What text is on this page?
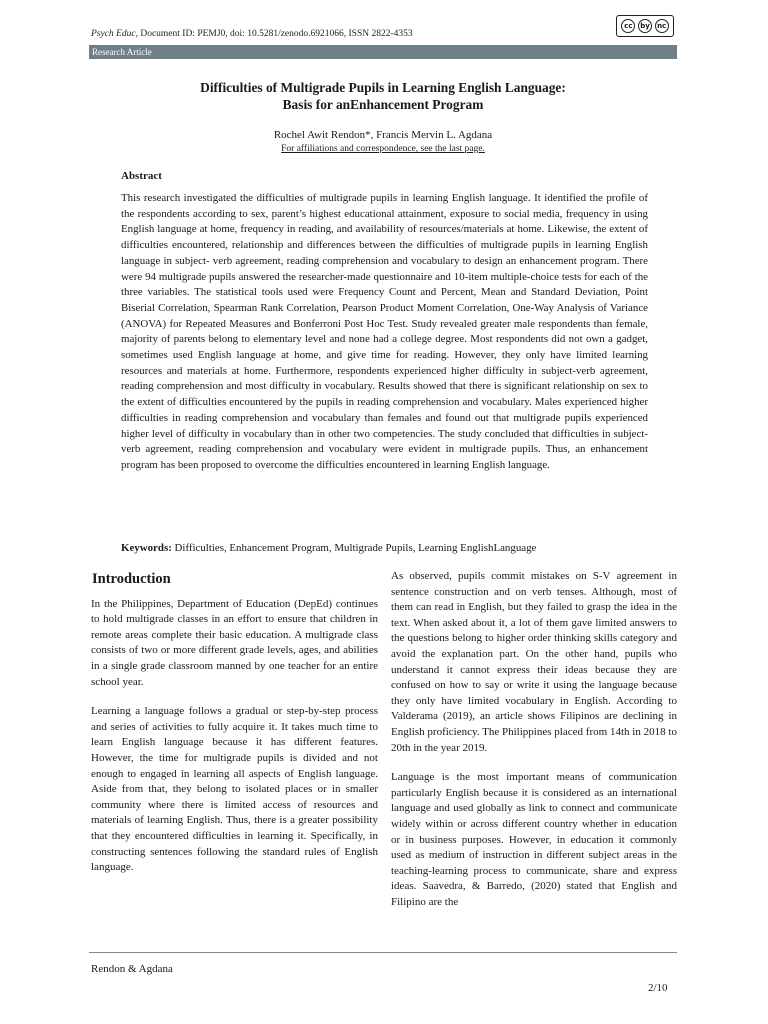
Psych Educ, Document ID: PEMJ0, doi: 10.5281/zenodo.6921066, ISSN 2822-4353
cc	by	nc
Research Article
Difficulties of Multigrade Pupils in Learning English Language:
Basis for anEnhancement Program
Rochel Awit Rendon*, Francis Mervin L. Agdana
For affiliations and correspondence, see the last page.
Abstract
This research investigated the difficulties of multigrade pupils in learning English language. It identified the profile of the respondents according to sex, parent’s highest educational attainment, exposure to social media, frequency in using English language at home, frequency in reading, and availability of resources/materials at home. Likewise, the extent of difficulties encountered, relationship and differences between the difficulties of multigrade pupils in learning English language in subject- verb agreement, reading comprehension and vocabulary to design an enhancement program. There were 94 multigrade pupils answered the researcher-made questionnaire and 10-item multiple-choice tests for each of the three variables. The statistical tools used were Frequency Count and Percent, Mean and Standard Deviation, Point Biserial Correlation, Spearman Rank Correlation, Pearson Product Moment Correlation, One-Way Analysis of Variance (ANOVA) for Repeated Measures and Bonferroni Post Hoc Test. Study revealed greater male respondents than female, majority of parents belong to elementary level and none had a college degree. Most respondents did not own a gadget, sometimes used English language at home, and give time for reading. However, they only have limited learning resources and materials at home. Furthermore, respondents experienced higher difficulty in subject-verb agreement, reading comprehension and most difficulty in vocabulary. Results showed that there is significant relationship on sex to the extent of difficulties encountered by the pupils in reading comprehension and vocabulary. Males experienced higher difficulties in reading comprehension and vocabulary than females and found out that multigrade pupils experienced higher level of difficulty in vocabulary than in other two competencies. The study concluded that difficulties in subject-verb agreement, reading comprehension and vocabulary were evident in multigrade pupils. Thus, an enhancement program has been proposed to overcome the difficulties encountered in learning English language.
Keywords: Difficulties, Enhancement Program, Multigrade Pupils, Learning EnglishLanguage
Introduction

In the Philippines, Department of Education (DepEd) continues to hold multigrade classes in an effort to ensure that children in remote areas complete their basic education. A multigrade class consists of two or more different grade levels, ages, and abilities in a single grade classroom manned by one teacher for an entire school year.

Learning a language follows a gradual or step-by-step process and series of activities to fully acquire it. It takes much time to learn English language because it has different features. However, the time for multigrade pupils is divided and not enough to engaged in learning all aspects of English language. Aside from that, they belong to isolated places or in smaller community where there is limited access of resources and materials of learning English. Thus, there is a greater possibility that they encountered difficulties in learning it. Specifically, in constructing sentences following the standard rules of English language.

As observed, pupils commit mistakes on S-V agreement in sentence construction and on verb tenses. Although, most of them can read in English, but they failed to grasp the idea in the text. When asked about it, a lot of them gave limited answers to the questions belong to higher order thinking skills category and avoid the explanation part. On the other hand, pupils who understand it cannot express their ideas because they are confused on how to say or write it using the language because they only have limited vocabulary in English. According to Valderama (2019), an article shows Filipinos are declining in English proficiency. The Philippines placed from 14th in 2018 to 20th in the year 2019.

Language is the most important means of communication particularly English because it is considered as an international language and used globally as link to connect and communicate widely within or across different country whether in education or in business purposes. However, in education it commonly used as medium of instruction in different subject areas in the teaching-learning process to communicate, share and express ideas. Saavedra, & Barredo, (2020) stated that English and Filipino are the

Rendon & Agdana
2/10
